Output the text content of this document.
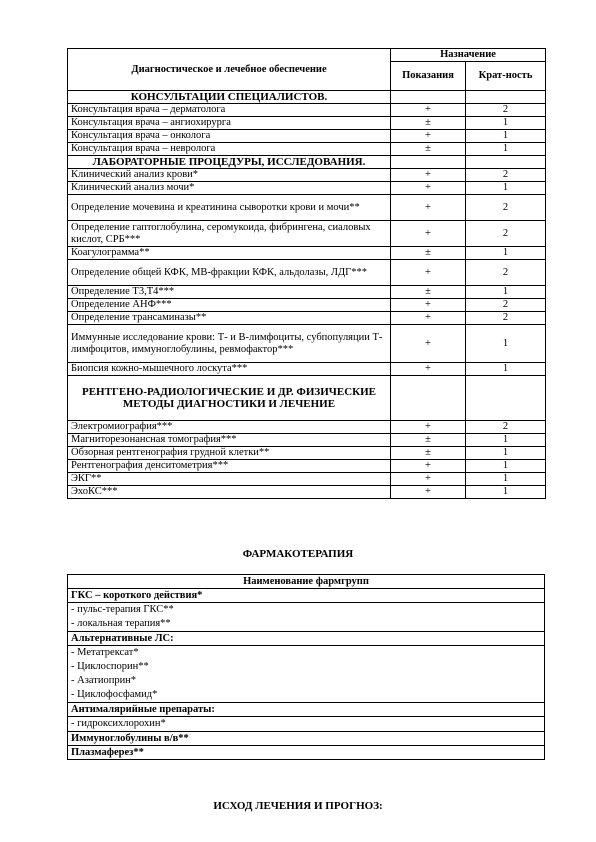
Диагностическое и лечебное обеспечение	Назначение	
	Показания	Крат-ность
КОНСУЛЬТАЦИИ СПЕЦИАЛИСТОВ.		
Консультация врача – дерматолога	+	2
Консультация врача – ангиохирурга	±	1
Консультация врача – онколога	+	1
Консультация врача – невролога	±	1
ЛАБОРАТОРНЫЕ ПРОЦЕДУРЫ, ИССЛЕДОВАНИЯ.		
Клинический анализ крови*	+	2
Клинический анализ мочи*	+	1
Определение мочевина и креатинина сыворотки крови и мочи**	+	2
Определение гаптоглобулина, серомукоида, фибрингена, сиаловых кислот, СРБ***	+	2
Коагулограмма**	±	1
Определение общей КФК, МВ-фракции КФК, альдолазы, ЛДГ***	+	2
Определение Т3,Т4***	±	1
Определение АНФ***	+	2
Определение трансаминазы**	+	2
Иммунные исследование крови: Т- и В-лимфоциты, субпопуляции Т-лимфоцитов, иммуноглобулины, ревмофактор***	+	1
Биопсия кожно-мышечного лоскута***	+	1
РЕНТГЕНО-РАДИОЛОГИЧЕСКИЕ И ДР. ФИЗИЧЕСКИЕ МЕТОДЫ ДИАГНОСТИКИ И ЛЕЧЕНИЕ		
Электромиография***	+	2
Магниторезонансная томография***	±	1
Обзорная рентгенография грудной клетки**	±	1
Рентгенография денситометрия***	+	1
ЭКГ**	+	1
ЭхоКС***	+	1
ФАРМАКОТЕРАПИЯ
Наименование фармгрупп
ГКС – короткого действия*

- пульс-терапия ГКС**
- локальная терапия**

Альтернативные ЛС:

- Метатрексат*
- Циклоспорин**
- Азатиоприн*
- Циклофосфамид*

Антималярийные препараты:

- гидроксихлорохин*

Иммуноглобулины в/в**
Плазмаферез**
ИСХОД ЛЕЧЕНИЯ И ПРОГНОЗ:
